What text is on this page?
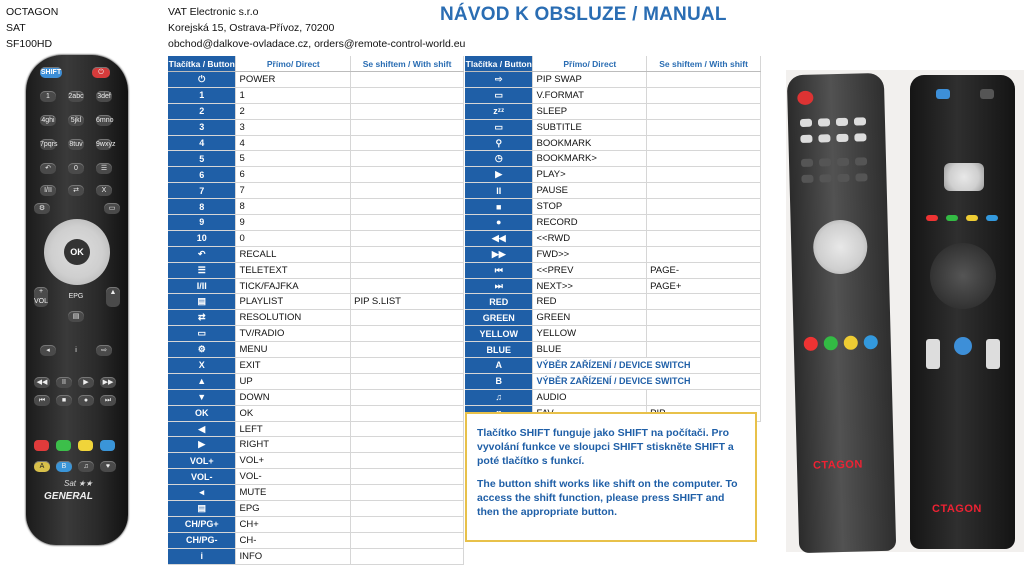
OCTAGON
SAT
SF100HD
VAT Electronic s.r.o
Korejská 15, Ostrava-Přívoz, 70200
obchod@dalkove-ovladace.cz, orders@remote-control-world.eu
NÁVOD K OBSLUZE / MANUAL
SHIFT	⏻
1	2abc 3def
4ghi	5jkl	6mno
7pqrs 8tuv 9wxyz
↶	0	☰
I/II	⇄	X
⚙	▭
OK
+
VOL
EPG
▲
▤
◂	i	⇨
◀◀	II	▶	▶▶
⏮	■	●	⏭
A	B	♫	♥
Sat ★★
GENERAL
Tlačítka / Button	Přímo/ Direct	Se shiftem / With shift
⏻	POWER	
1	1	
2	2	
3	3	
4	4	
5	5	
6	6	
7	7	
8	8	
9	9	
10	0	
↶	RECALL	
☰	TELETEXT	
I/II	TICK/FAJFKA	
▤	PLAYLIST	PIP S.LIST
⇄	RESOLUTION	
▭	TV/RADIO	
⚙	MENU	
X	EXIT	
▲	UP	
▼	DOWN	
OK	OK	
◀	LEFT	
▶	RIGHT	
VOL+	VOL+	
VOL-	VOL-	
◂	MUTE	
▤	EPG	
CH/PG+	CH+	
CH/PG-	CH-	
i	INFO	
Tlačítka / Button	Přímo/ Direct	Se shiftem / With shift
⇨	PIP SWAP	
▭	V.FORMAT	
zᶻᶻ	SLEEP	
▭	SUBTITLE	
⚲	BOOKMARK	
◷	BOOKMARK>	
▶	PLAY>	
II	PAUSE	
■	STOP	
●	RECORD	
◀◀	<<RWD	
▶▶	FWD>>	
⏮	<<PREV	PAGE-
⏭	NEXT>>	PAGE+
RED	RED	
GREEN	GREEN	
YELLOW	YELLOW	
BLUE	BLUE	
A	VÝBĚR ZAŘÍZENÍ / DEVICE SWITCH	
B	VÝBĚR ZAŘÍZENÍ / DEVICE SWITCH	
♫	AUDIO	

Tlačítko SHIFT funguje jako SHIFT na počítači. Pro vyvolání funkce ve sloupci SHIFT stiskněte SHIFT a poté tlačítko s funkcí.

The button shift works like shift on the computer. To access the shift function, please press SHIFT and then the appropriate button.

CTAGON
CTAGON
